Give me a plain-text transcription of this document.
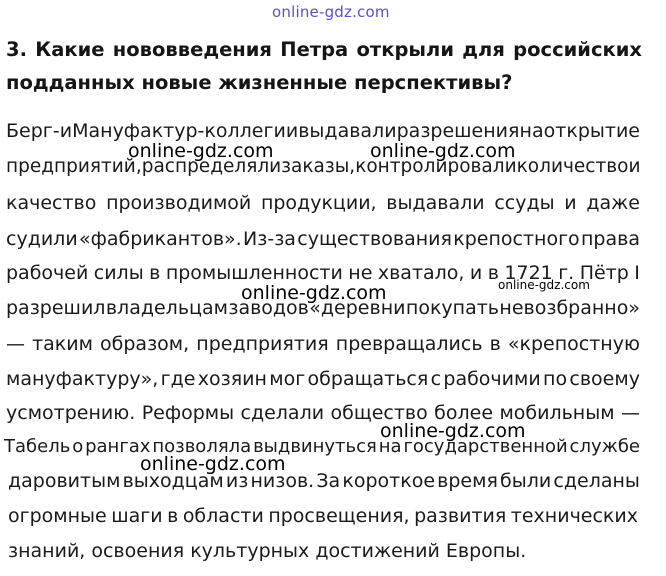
online-gdz.com
3. Какие нововведения Петра открыли для российских подданных новые жизненные перспективы?
Берг- и Мануфактур-коллегии выдавали разрешения на открытие
предприятий, распределяли заказы, контролировали количество и
качество производимой продукции, выдавали ссуды и даже
судили «фабрикантов». Из-за существования крепостного права
рабочей силы в промышленности не хватало, и в 1721 г. Пётр I
разрешил владельцам заводов «деревни покупать невозбранно»
— таким образом, предприятия превращались в «крепостную
мануфактуру», где хозяин мог обращаться с рабочими по своему
усмотрению. Реформы сделали общество более мобильным —
Табель о рангах позволяла выдвинуться на государственной службе
даровитым выходцам из низов. За короткое время были сделаны
огромные шаги в области просвещения, развития технических
знаний, освоения культурных достижений Европы.
online-gdz.com	online-gdz.com
online-gdz.com
online-gdz.com
online-gdz.com
online-gdz.com
